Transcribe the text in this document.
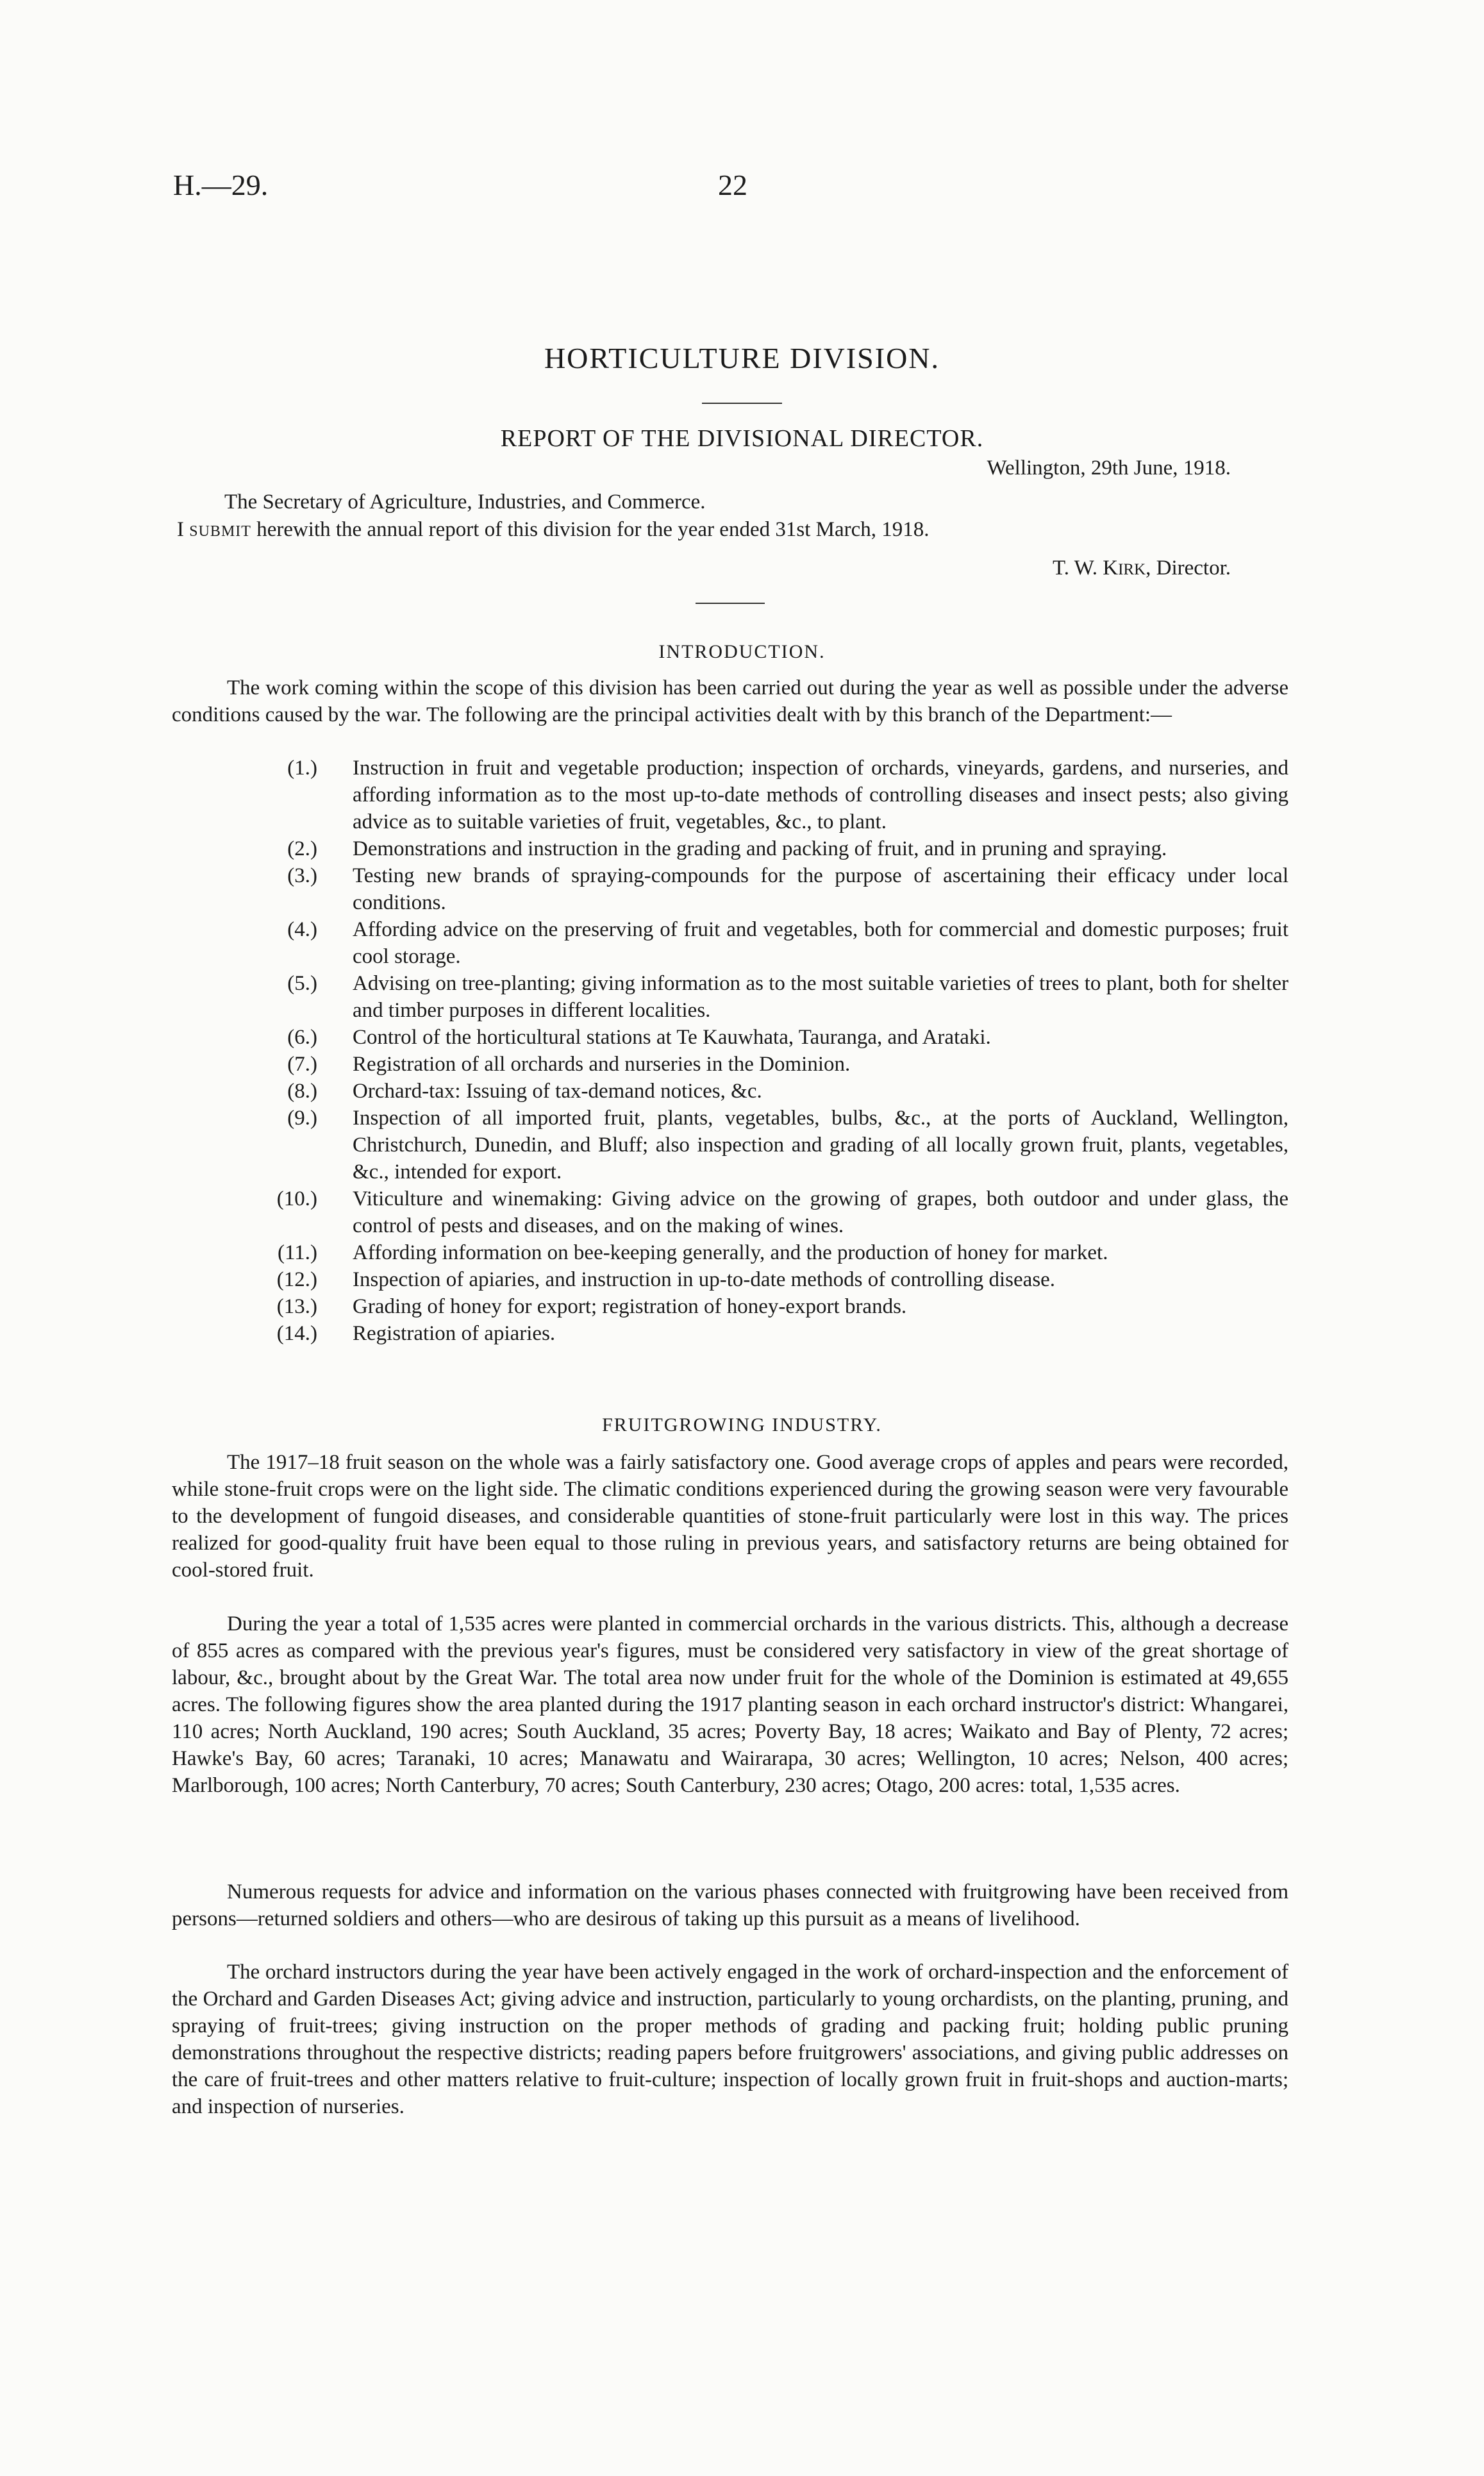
H.—29.	22
HORTICULTURE DIVISION.
REPORT OF THE DIVISIONAL DIRECTOR.
Wellington, 29th June, 1918.
The Secretary of Agriculture, Industries, and Commerce.
I SUBMIT herewith the annual report of this division for the year ended 31st March, 1918.
T. W. KIRK, Director.
INTRODUCTION.
The work coming within the scope of this division has been carried out during the year as well as possible under the adverse conditions caused by the war. The following are the principal activities dealt with by this branch of the Department:—
(1.) Instruction in fruit and vegetable production; inspection of orchards, vineyards, gardens, and nurseries, and affording information as to the most up-to-date methods of controlling diseases and insect pests; also giving advice as to suitable varieties of fruit, vegetables, &c., to plant.
(2.) Demonstrations and instruction in the grading and packing of fruit, and in pruning and spraying.
(3.) Testing new brands of spraying-compounds for the purpose of ascertaining their efficacy under local conditions.
(4.) Affording advice on the preserving of fruit and vegetables, both for commercial and domestic purposes; fruit cool storage.
(5.) Advising on tree-planting; giving information as to the most suitable varieties of trees to plant, both for shelter and timber purposes in different localities.
(6.) Control of the horticultural stations at Te Kauwhata, Tauranga, and Arataki.
(7.) Registration of all orchards and nurseries in the Dominion.
(8.) Orchard-tax: Issuing of tax-demand notices, &c.
(9.) Inspection of all imported fruit, plants, vegetables, bulbs, &c., at the ports of Auckland, Wellington, Christchurch, Dunedin, and Bluff; also inspection and grading of all locally grown fruit, plants, vegetables, &c., intended for export.
(10.) Viticulture and winemaking: Giving advice on the growing of grapes, both outdoor and under glass, the control of pests and diseases, and on the making of wines.
(11.) Affording information on bee-keeping generally, and the production of honey for market.
(12.) Inspection of apiaries, and instruction in up-to-date methods of controlling disease.
(13.) Grading of honey for export; registration of honey-export brands.
(14.) Registration of apiaries.
FRUITGROWING INDUSTRY.
The 1917–18 fruit season on the whole was a fairly satisfactory one. Good average crops of apples and pears were recorded, while stone-fruit crops were on the light side. The climatic conditions experienced during the growing season were very favourable to the development of fungoid diseases, and considerable quantities of stone-fruit particularly were lost in this way. The prices realized for good-quality fruit have been equal to those ruling in previous years, and satisfactory returns are being obtained for cool-stored fruit.
During the year a total of 1,535 acres were planted in commercial orchards in the various districts. This, although a decrease of 855 acres as compared with the previous year's figures, must be considered very satisfactory in view of the great shortage of labour, &c., brought about by the Great War. The total area now under fruit for the whole of the Dominion is estimated at 49,655 acres. The following figures show the area planted during the 1917 planting season in each orchard instructor's district: Whangarei, 110 acres; North Auckland, 190 acres; South Auckland, 35 acres; Poverty Bay, 18 acres; Waikato and Bay of Plenty, 72 acres; Hawke's Bay, 60 acres; Taranaki, 10 acres; Manawatu and Wairarapa, 30 acres; Wellington, 10 acres; Nelson, 400 acres; Marlborough, 100 acres; North Canterbury, 70 acres; South Canterbury, 230 acres; Otago, 200 acres: total, 1,535 acres.
Numerous requests for advice and information on the various phases connected with fruitgrowing have been received from persons—returned soldiers and others—who are desirous of taking up this pursuit as a means of livelihood.
The orchard instructors during the year have been actively engaged in the work of orchard-inspection and the enforcement of the Orchard and Garden Diseases Act; giving advice and instruction, particularly to young orchardists, on the planting, pruning, and spraying of fruit-trees; giving instruction on the proper methods of grading and packing fruit; holding public pruning demonstrations throughout the respective districts; reading papers before fruitgrowers' associations, and giving public addresses on the care of fruit-trees and other matters relative to fruit-culture; inspection of locally grown fruit in fruit-shops and auction-marts; and inspection of nurseries.
